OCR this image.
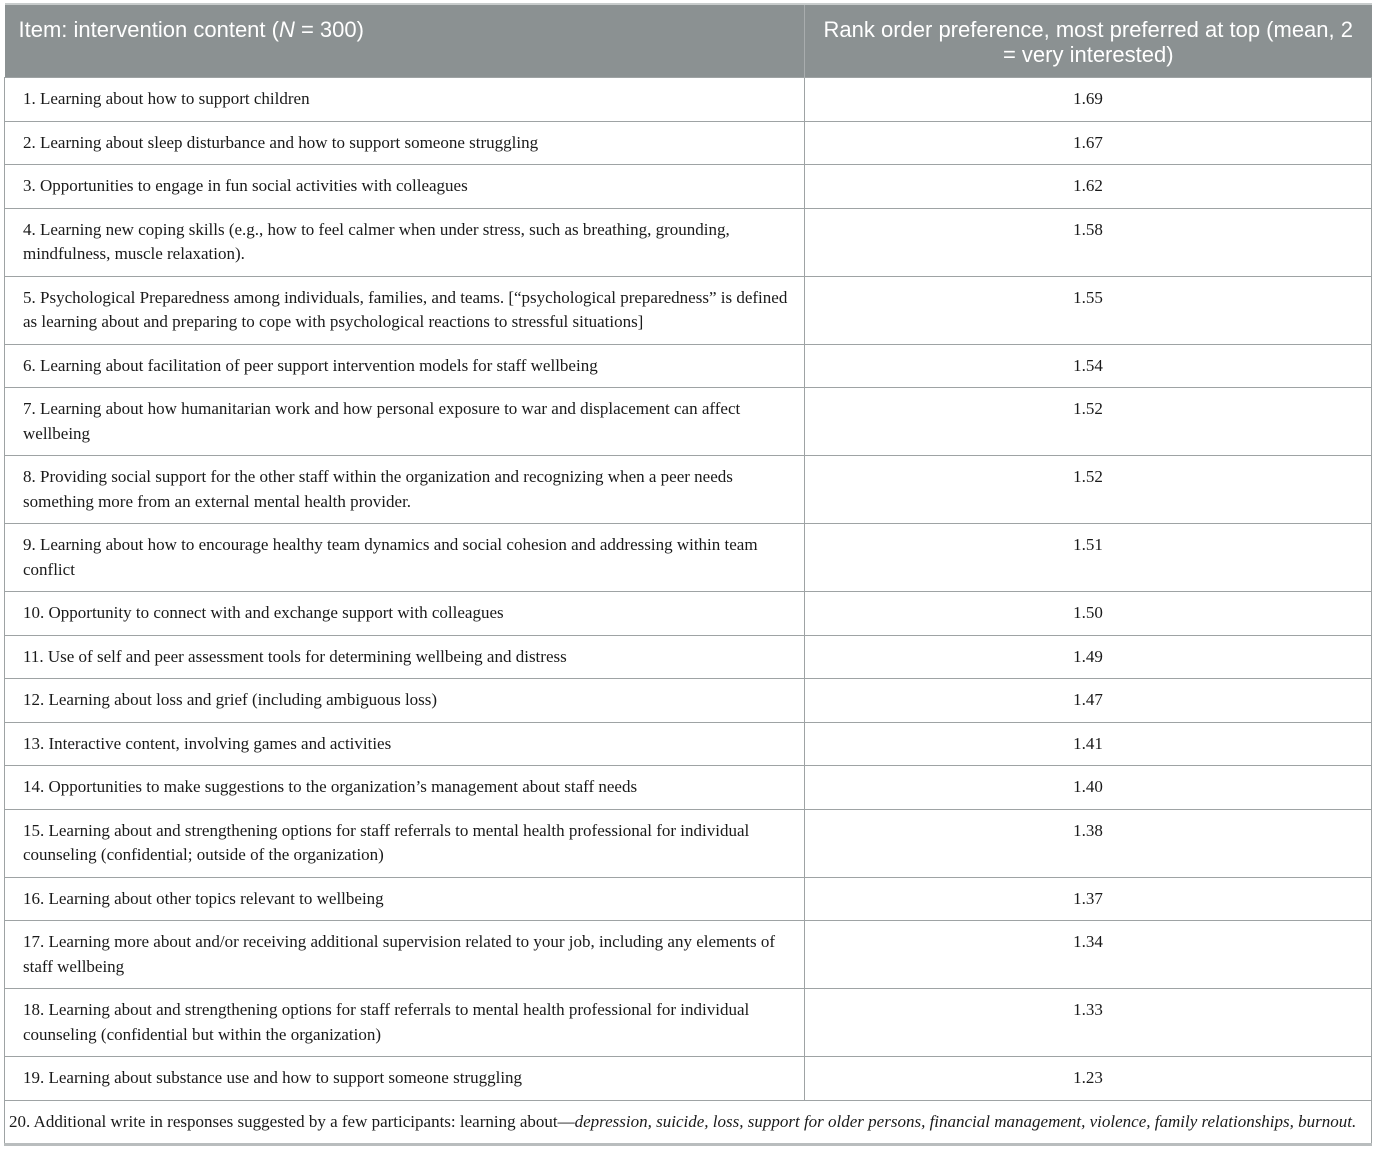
Item: intervention content (N = 300)	Rank order preference, most preferred at top (mean, 2 = very interested)
1. Learning about how to support children	1.69
2. Learning about sleep disturbance and how to support someone struggling	1.67
3. Opportunities to engage in fun social activities with colleagues	1.62
4. Learning new coping skills (e.g., how to feel calmer when under stress, such as breathing, grounding, mindfulness, muscle relaxation).	1.58
5. Psychological Preparedness among individuals, families, and teams. [“psychological preparedness” is defined as learning about and preparing to cope with psychological reactions to stressful situations]	1.55
6. Learning about facilitation of peer support intervention models for staff wellbeing	1.54
7. Learning about how humanitarian work and how personal exposure to war and displacement can affect wellbeing	1.52
8. Providing social support for the other staff within the organization and recognizing when a peer needs something more from an external mental health provider.	1.52
9. Learning about how to encourage healthy team dynamics and social cohesion and addressing within team conflict	1.51
10. Opportunity to connect with and exchange support with colleagues	1.50
11. Use of self and peer assessment tools for determining wellbeing and distress	1.49
12. Learning about loss and grief (including ambiguous loss)	1.47
13. Interactive content, involving games and activities	1.41
14. Opportunities to make suggestions to the organization’s management about staff needs	1.40
15. Learning about and strengthening options for staff referrals to mental health professional for individual counseling (confidential; outside of the organization)	1.38
16. Learning about other topics relevant to wellbeing	1.37
17. Learning more about and/or receiving additional supervision related to your job, including any elements of staff wellbeing	1.34
18. Learning about and strengthening options for staff referrals to mental health professional for individual counseling (confidential but within the organization)	1.33
19. Learning about substance use and how to support someone struggling	1.23
20. Additional write in responses suggested by a few participants: learning about—depression, suicide, loss, support for older persons, financial management, violence, family relationships, burnout.	
